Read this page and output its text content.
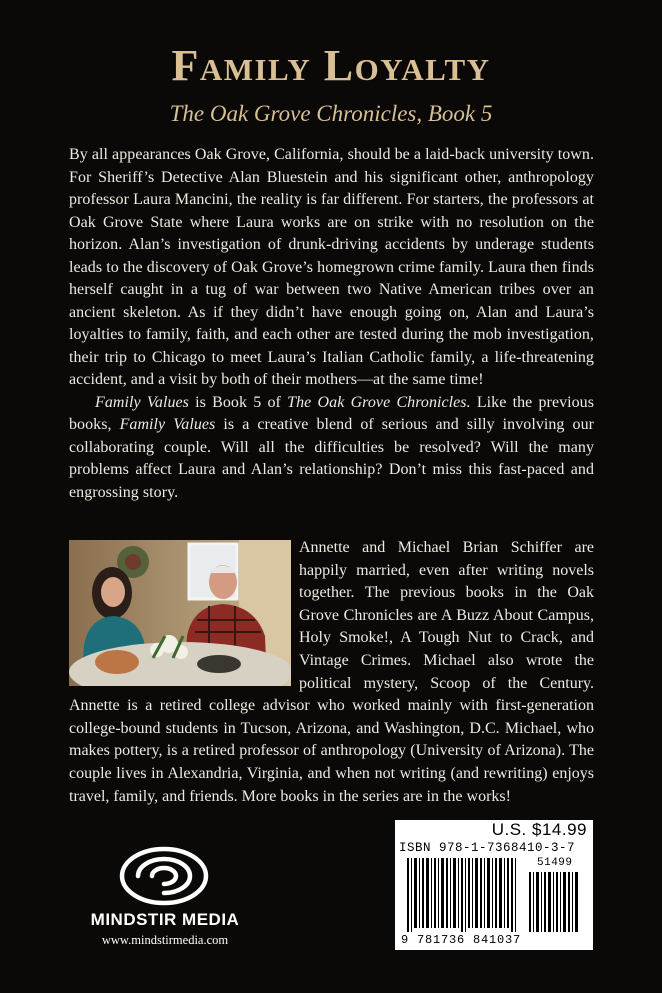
Family Loyalty

The Oak Grove Chronicles, Book 5

By all appearances Oak Grove, California, should be a laid-back university town. For Sheriff’s Detective Alan Bluestein and his significant other, anthropology professor Laura Mancini, the reality is far different. For starters, the professors at Oak Grove State where Laura works are on strike with no resolution on the horizon. Alan’s investigation of drunk-driving accidents by underage students leads to the discovery of Oak Grove’s homegrown crime family. Laura then finds herself caught in a tug of war between two Native American tribes over an ancient skeleton. As if they didn’t have enough going on, Alan and Laura’s loyalties to family, faith, and each other are tested during the mob investigation, their trip to Chicago to meet Laura’s Italian Catholic family, a life-threatening accident, and a visit by both of their mothers—at the same time!

Family Values is Book 5 of The Oak Grove Chronicles. Like the previous books, Family Values is a creative blend of serious and silly involving our collaborating couple. Will all the difficulties be resolved? Will the many problems affect Laura and Alan’s relationship? Don’t miss this fast-paced and engrossing story.

Annette and Michael Brian Schiffer are happily married, even after writing novels together. The previous books in the Oak Grove Chronicles are A Buzz About Campus, Holy Smoke!, A Tough Nut to Crack, and Vintage Crimes. Michael also wrote the political mystery, Scoop of the Century. Annette is a retired college advisor who worked mainly with first-generation college-bound students in Tucson, Arizona, and Washington, D.C. Michael, who makes pottery, is a retired professor of anthropology (University of Arizona). The couple lives in Alexandria, Virginia, and when not writing (and rewriting) enjoys travel, family, and friends. More books in the series are in the works!
U.S. $14.99
ISBN 978-1-7368410-3-7
51499
9 781736 841037

MINDSTIR MEDIA

www.mindstirmedia.com
